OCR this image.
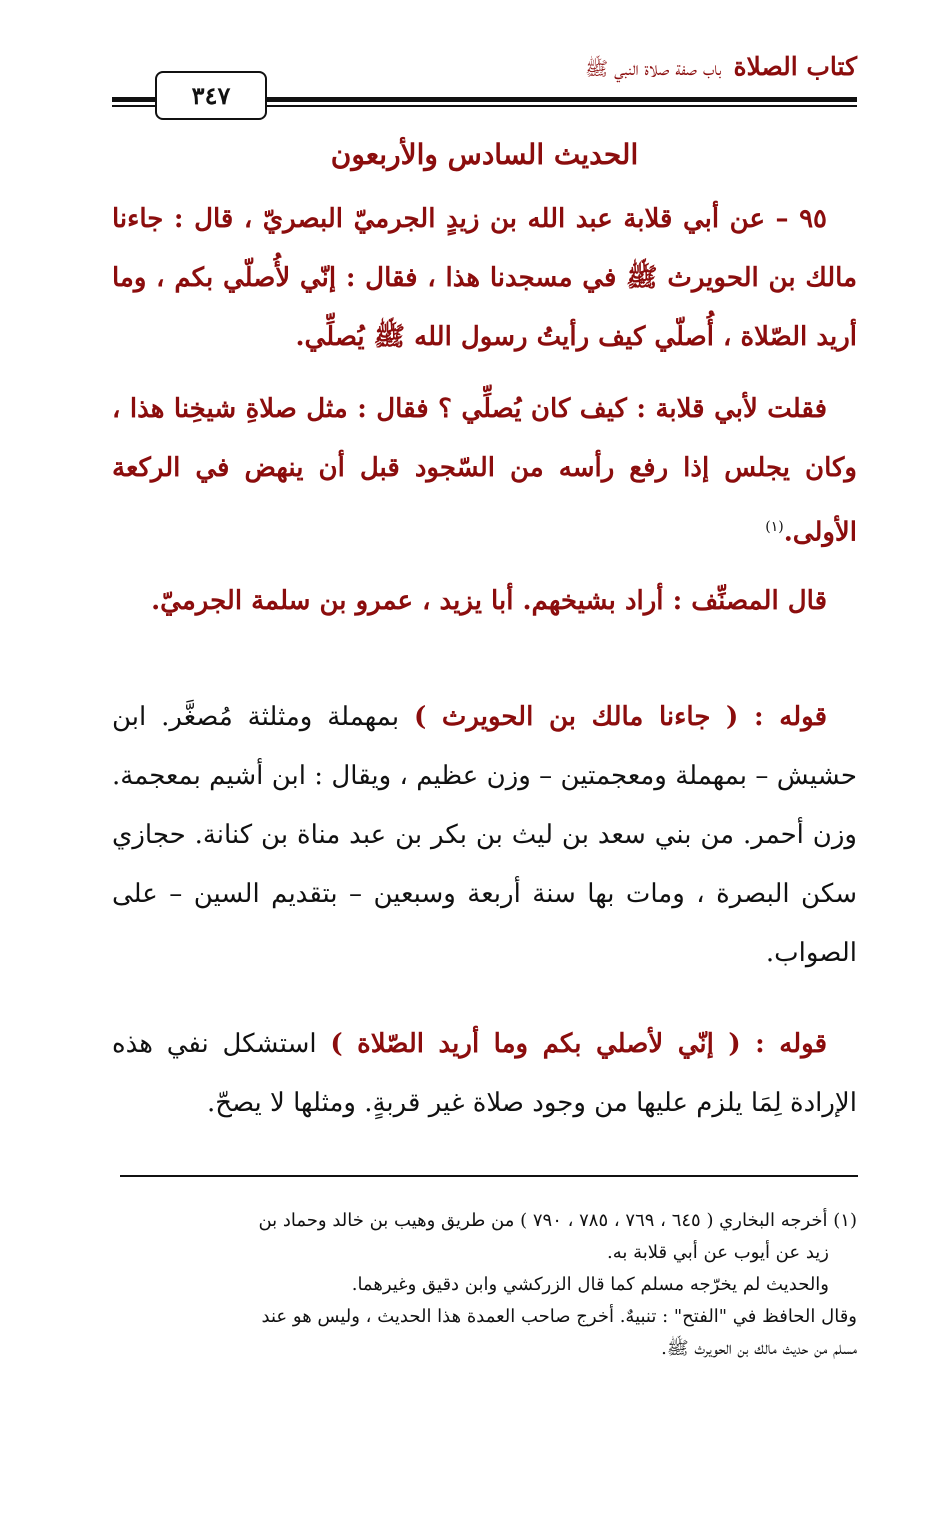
كتاب الصلاة باب صفة صلاة النبي ﷺ
٣٤٧
الحديث السادس والأربعون
٩٥ – عن أبي قلابة عبد الله بن زيدٍ الجرميّ البصريّ ، قال : جاءنا مالك بن الحويرث ﷺ في مسجدنا هذا ، فقال : إنّي لأُصلّي بكم ، وما أريد الصّلاة ، أُصلّي كيف رأيتُ رسول الله ﷺ يُصلِّي.
فقلت لأبي قلابة : كيف كان يُصلِّي ؟ فقال : مثل صلاةِ شيخِنا هذا ، وكان يجلس إذا رفع رأسه من السّجود قبل أن ينهض في الركعة الأولى.$^{(١)}$
قال المصنِّف : أراد بشيخهم. أبا يزيد ، عمرو بن سلمة الجرميّ.
قوله : ( جاءنا مالك بن الحويرث ) بمهملة ومثلثة مُصغَّر. ابن حشيش – بمهملة ومعجمتين – وزن عظيم ، ويقال : ابن أشيم بمعجمة. وزن أحمر. من بني سعد بن ليث بن بكر بن عبد مناة بن كنانة. حجازي سكن البصرة ، ومات بها سنة أربعة وسبعين – بتقديم السين – على الصواب.
قوله : ( إنّي لأصلي بكم وما أريد الصّلاة ) استشكل نفي هذه الإرادة لِمَا يلزم عليها من وجود صلاة غير قربةٍ. ومثلها لا يصحّ.
(١) أخرجه البخاري ( ٦٤٥ ، ٧٦٩ ، ٧٨٥ ، ٧٩٠ ) من طريق وهيب بن خالد وحماد بن
زيد عن أيوب عن أبي قلابة به.
والحديث لم يخرّجه مسلم كما قال الزركشي وابن دقيق وغيرهما.
وقال الحافظ في "الفتح" : تنبيهٌ. أخرج صاحب العمدة هذا الحديث ، وليس هو عند
مسلم من حديث مالك بن الحويرث ﷺ.
